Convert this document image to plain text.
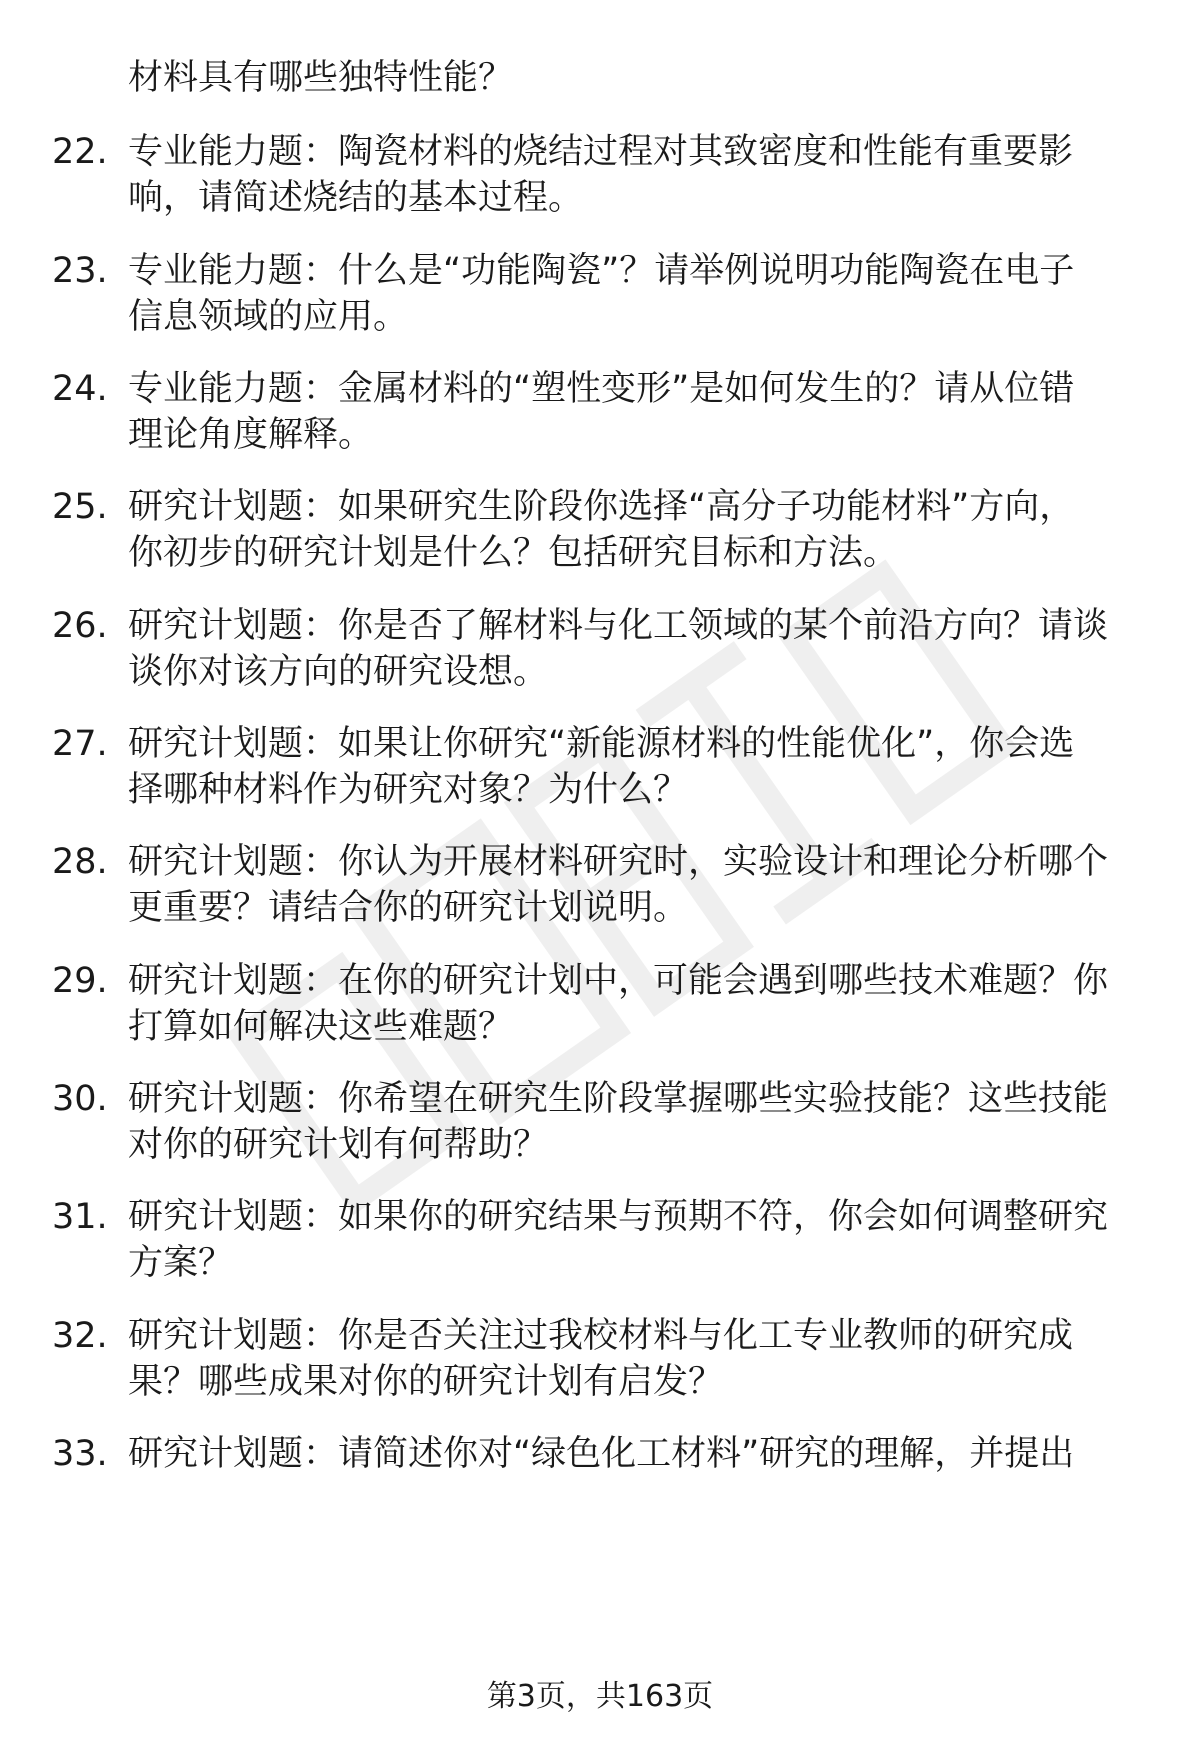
材料具有哪些独特性能？
22. 专业能力题：陶瓷材料的烧结过程对其致密度和性能有重要影
响，请简述烧结的基本过程。
23. 专业能力题：什么是“功能陶瓷”？请举例说明功能陶瓷在电子
信息领域的应用。
24. 专业能力题：金属材料的“塑性变形”是如何发生的？请从位错
理论角度解释。
25. 研究计划题：如果研究生阶段你选择“高分子功能材料”方向，
你初步的研究计划是什么？包括研究目标和方法。
26. 研究计划题：你是否了解材料与化工领域的某个前沿方向？请谈
谈你对该方向的研究设想。
27. 研究计划题：如果让你研究“新能源材料的性能优化”，你会选
择哪种材料作为研究对象？为什么？
28. 研究计划题：你认为开展材料研究时，实验设计和理论分析哪个
更重要？请结合你的研究计划说明。
29. 研究计划题：在你的研究计划中，可能会遇到哪些技术难题？你
打算如何解决这些难题？
30. 研究计划题：你希望在研究生阶段掌握哪些实验技能？这些技能
对你的研究计划有何帮助？
31. 研究计划题：如果你的研究结果与预期不符，你会如何调整研究
方案？
32. 研究计划题：你是否关注过我校材料与化工专业教师的研究成
果？哪些成果对你的研究计划有启发？
33. 研究计划题：请简述你对“绿色化工材料”研究的理解，并提出
第3页，共163页
